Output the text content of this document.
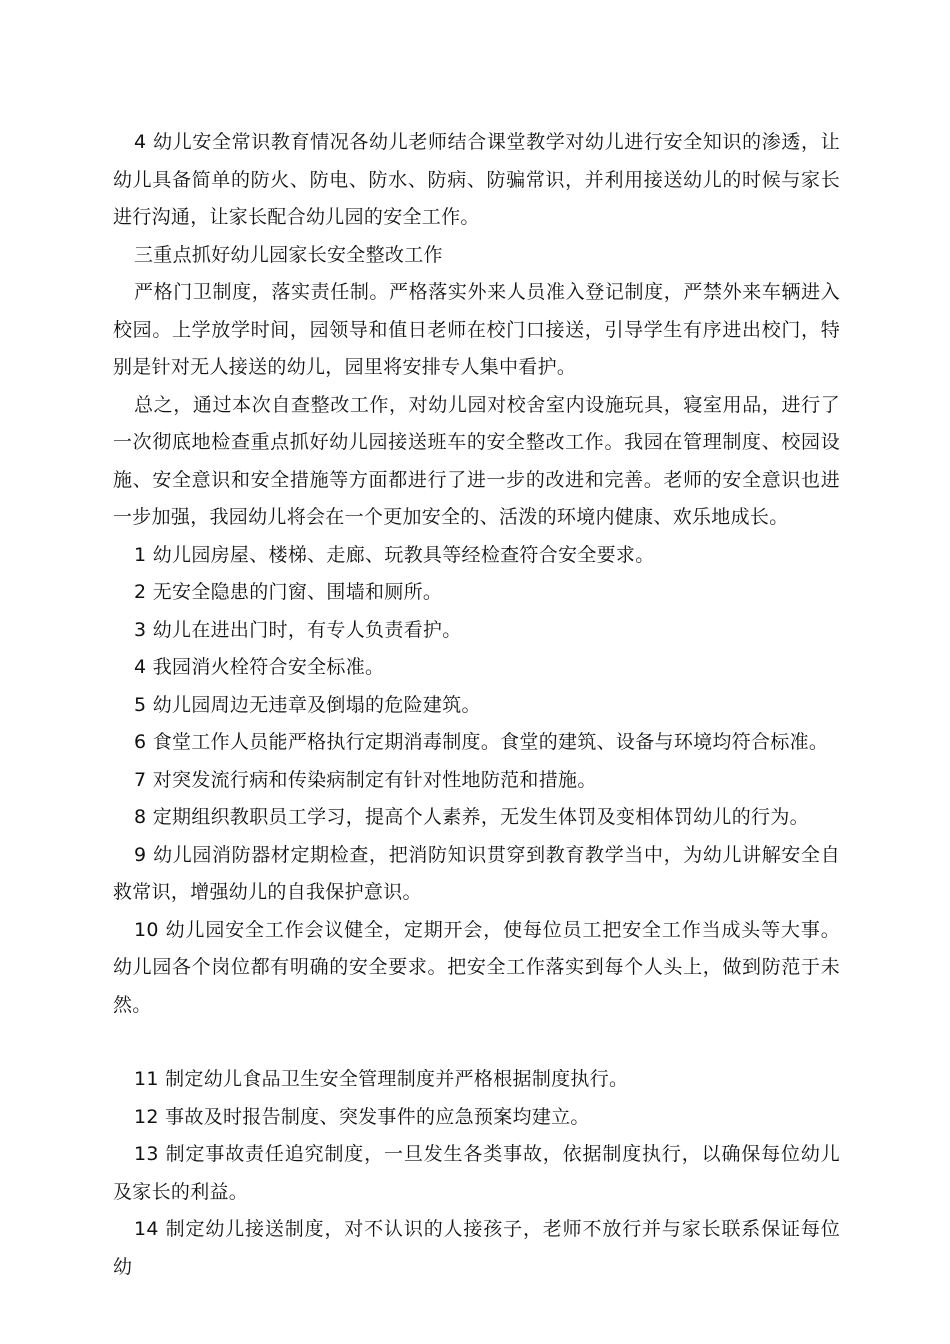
4 幼儿安全常识教育情况各幼儿老师结合课堂教学对幼儿进行安全知识的渗透，让幼儿具备简单的防火、防电、防水、防病、防骗常识，并利用接送幼儿的时候与家长进行沟通，让家长配合幼儿园的安全工作。

三重点抓好幼儿园家长安全整改工作

严格门卫制度，落实责任制。严格落实外来人员准入登记制度，严禁外来车辆进入校园。上学放学时间，园领导和值日老师在校门口接送，引导学生有序进出校门，特别是针对无人接送的幼儿，园里将安排专人集中看护。

总之，通过本次自查整改工作，对幼儿园对校舍室内设施玩具，寝室用品，进行了一次彻底地检查重点抓好幼儿园接送班车的安全整改工作。我园在管理制度、校园设施、安全意识和安全措施等方面都进行了进一步的改进和完善。老师的安全意识也进一步加强，我园幼儿将会在一个更加安全的、活泼的环境内健康、欢乐地成长。

1 幼儿园房屋、楼梯、走廊、玩教具等经检查符合安全要求。

2 无安全隐患的门窗、围墙和厕所。

3 幼儿在进出门时，有专人负责看护。

4 我园消火栓符合安全标准。

5 幼儿园周边无违章及倒塌的危险建筑。

6 食堂工作人员能严格执行定期消毒制度。食堂的建筑、设备与环境均符合标准。

7 对突发流行病和传染病制定有针对性地防范和措施。

8 定期组织教职员工学习，提高个人素养，无发生体罚及变相体罚幼儿的行为。

9 幼儿园消防器材定期检查，把消防知识贯穿到教育教学当中，为幼儿讲解安全自救常识，增强幼儿的自我保护意识。

10 幼儿园安全工作会议健全，定期开会，使每位员工把安全工作当成头等大事。幼儿园各个岗位都有明确的安全要求。把安全工作落实到每个人头上，做到防范于未然。

11 制定幼儿食品卫生安全管理制度并严格根据制度执行。

12 事故及时报告制度、突发事件的应急预案均建立。

13 制定事故责任追究制度，一旦发生各类事故，依据制度执行，以确保每位幼儿及家长的利益。

14 制定幼儿接送制度，对不认识的人接孩子，老师不放行并与家长联系保证每位幼
